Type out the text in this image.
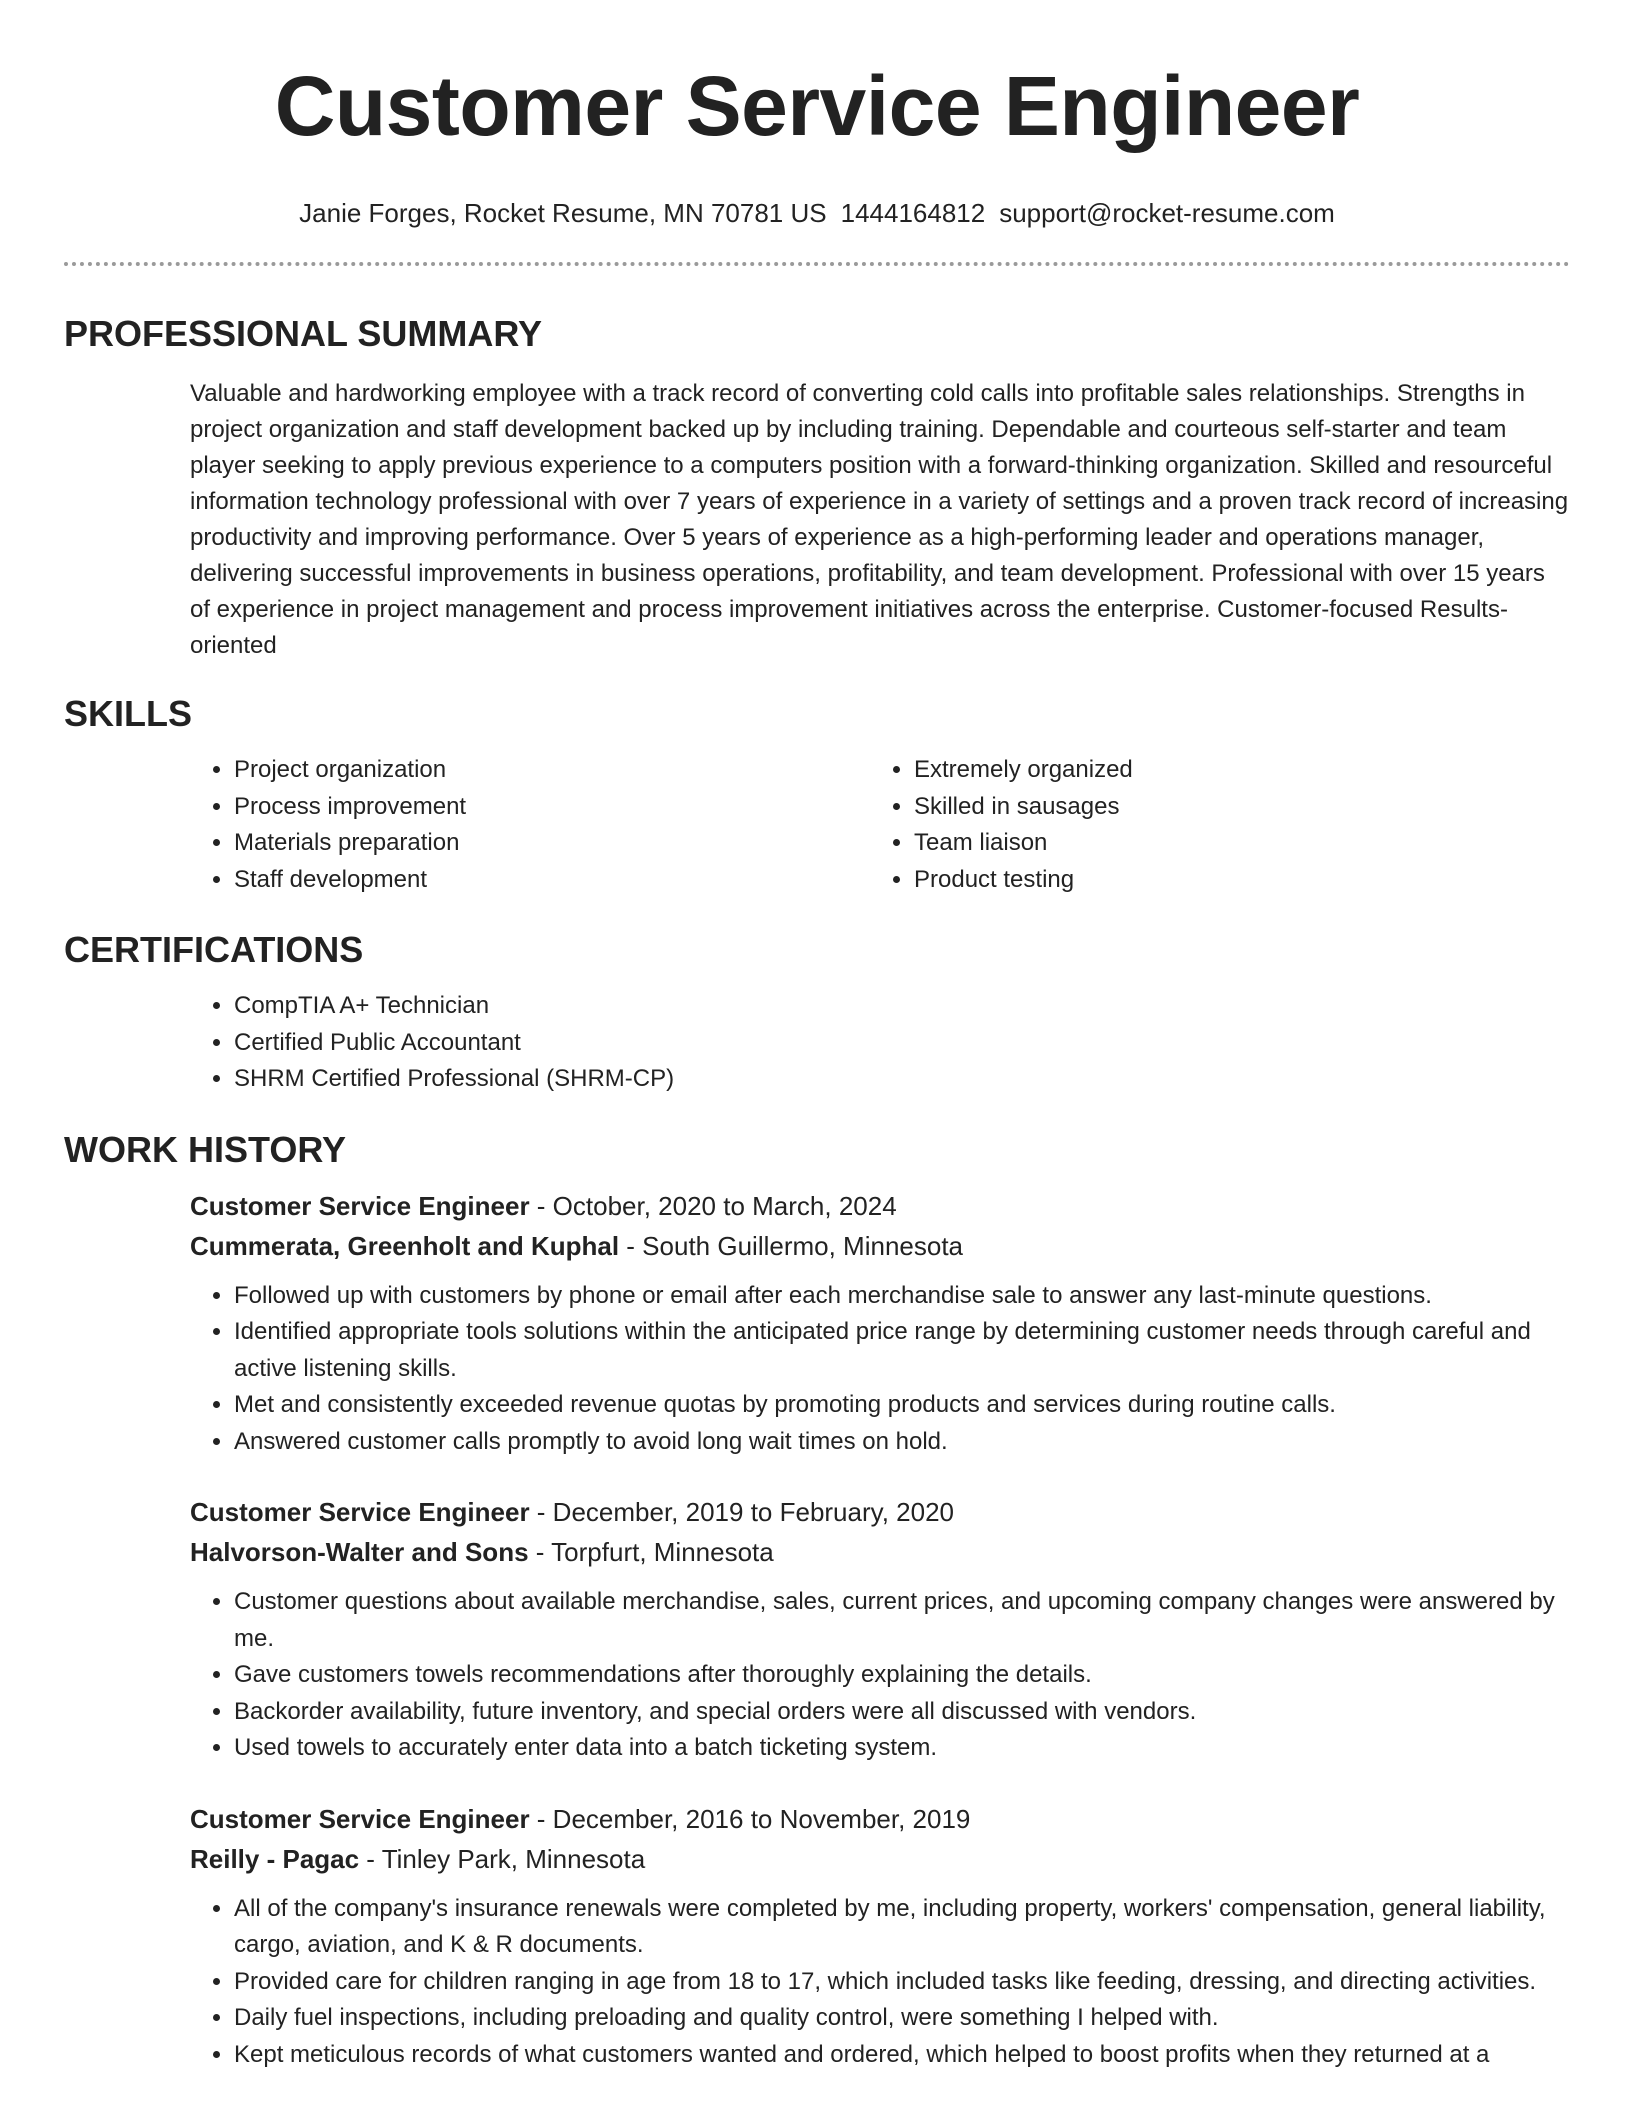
Customer Service Engineer
Janie Forges, Rocket Resume, MN 70781 US 1444164812 support@rocket-resume.com
PROFESSIONAL SUMMARY
Valuable and hardworking employee with a track record of converting cold calls into profitable sales relationships. Strengths in project organization and staff development backed up by including training. Dependable and courteous self-starter and team player seeking to apply previous experience to a computers position with a forward-thinking organization. Skilled and resourceful information technology professional with over 7 years of experience in a variety of settings and a proven track record of increasing productivity and improving performance. Over 5 years of experience as a high-performing leader and operations manager, delivering successful improvements in business operations, profitability, and team development. Professional with over 15 years of experience in project management and process improvement initiatives across the enterprise. Customer-focused Results-oriented
SKILLS
• Project organization
• Process improvement
• Materials preparation
• Staff development
• Extremely organized
• Skilled in sausages
• Team liaison
• Product testing
CERTIFICATIONS
• CompTIA A+ Technician
• Certified Public Accountant
• SHRM Certified Professional (SHRM-CP)
WORK HISTORY
Customer Service Engineer - October, 2020 to March, 2024
Cummerata, Greenholt and Kuphal - South Guillermo, Minnesota
• Followed up with customers by phone or email after each merchandise sale to answer any last-minute questions.
• Identified appropriate tools solutions within the anticipated price range by determining customer needs through careful and active listening skills.
• Met and consistently exceeded revenue quotas by promoting products and services during routine calls.
• Answered customer calls promptly to avoid long wait times on hold.
Customer Service Engineer - December, 2019 to February, 2020
Halvorson-Walter and Sons - Torpfurt, Minnesota
• Customer questions about available merchandise, sales, current prices, and upcoming company changes were answered by me.
• Gave customers towels recommendations after thoroughly explaining the details.
• Backorder availability, future inventory, and special orders were all discussed with vendors.
• Used towels to accurately enter data into a batch ticketing system.
Customer Service Engineer - December, 2016 to November, 2019
Reilly - Pagac - Tinley Park, Minnesota
• All of the company's insurance renewals were completed by me, including property, workers' compensation, general liability, cargo, aviation, and K & R documents.
• Provided care for children ranging in age from 18 to 17, which included tasks like feeding, dressing, and directing activities.
• Daily fuel inspections, including preloading and quality control, were something I helped with.
• Kept meticulous records of what customers wanted and ordered, which helped to boost profits when they returned at a
